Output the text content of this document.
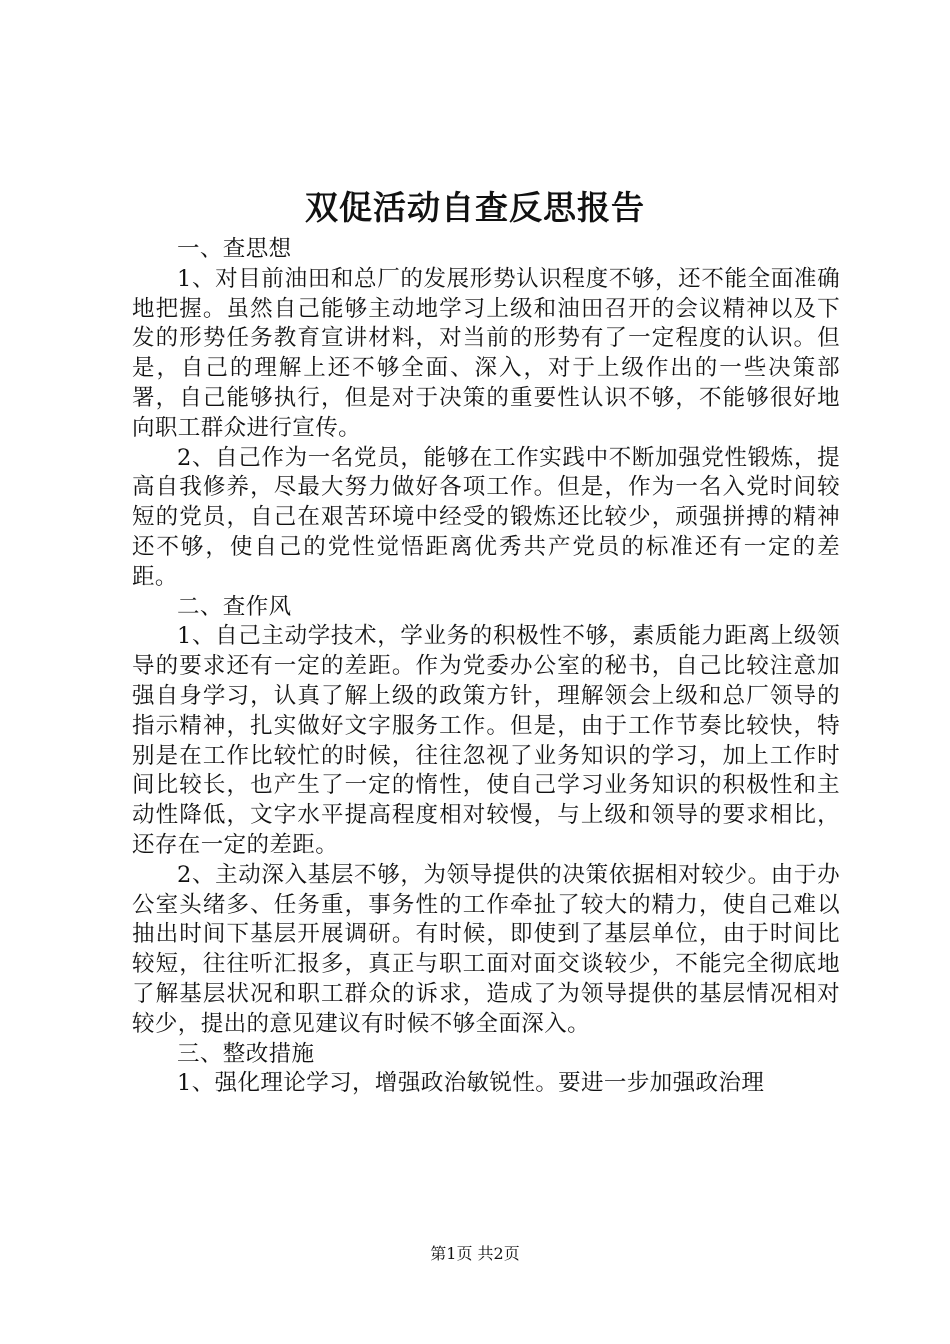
双促活动自查反思报告

一、查思想

1、对目前油田和总厂的发展形势认识程度不够，还不能全面准确地把握。虽然自己能够主动地学习上级和油田召开的会议精神以及下发的形势任务教育宣讲材料，对当前的形势有了一定程度的认识。但是，自己的理解上还不够全面、深入，对于上级作出的一些决策部署，自己能够执行，但是对于决策的重要性认识不够，不能够很好地向职工群众进行宣传。

2、自己作为一名党员，能够在工作实践中不断加强党性锻炼，提高自我修养，尽最大努力做好各项工作。但是，作为一名入党时间较短的党员，自己在艰苦环境中经受的锻炼还比较少，顽强拼搏的精神还不够，使自己的党性觉悟距离优秀共产党员的标准还有一定的差距。

二、查作风

1、自己主动学技术，学业务的积极性不够，素质能力距离上级领导的要求还有一定的差距。作为党委办公室的秘书，自己比较注意加强自身学习，认真了解上级的政策方针，理解领会上级和总厂领导的指示精神，扎实做好文字服务工作。但是，由于工作节奏比较快，特别是在工作比较忙的时候，往往忽视了业务知识的学习，加上工作时间比较长，也产生了一定的惰性，使自己学习业务知识的积极性和主动性降低，文字水平提高程度相对较慢，与上级和领导的要求相比，还存在一定的差距。

2、主动深入基层不够，为领导提供的决策依据相对较少。由于办公室头绪多、任务重，事务性的工作牵扯了较大的精力，使自己难以抽出时间下基层开展调研。有时候，即使到了基层单位，由于时间比较短，往往听汇报多，真正与职工面对面交谈较少，不能完全彻底地了解基层状况和职工群众的诉求，造成了为领导提供的基层情况相对较少，提出的意见建议有时候不够全面深入。

三、整改措施

1、强化理论学习，增强政治敏锐性。要进一步加强政治理

第1页 共2页
